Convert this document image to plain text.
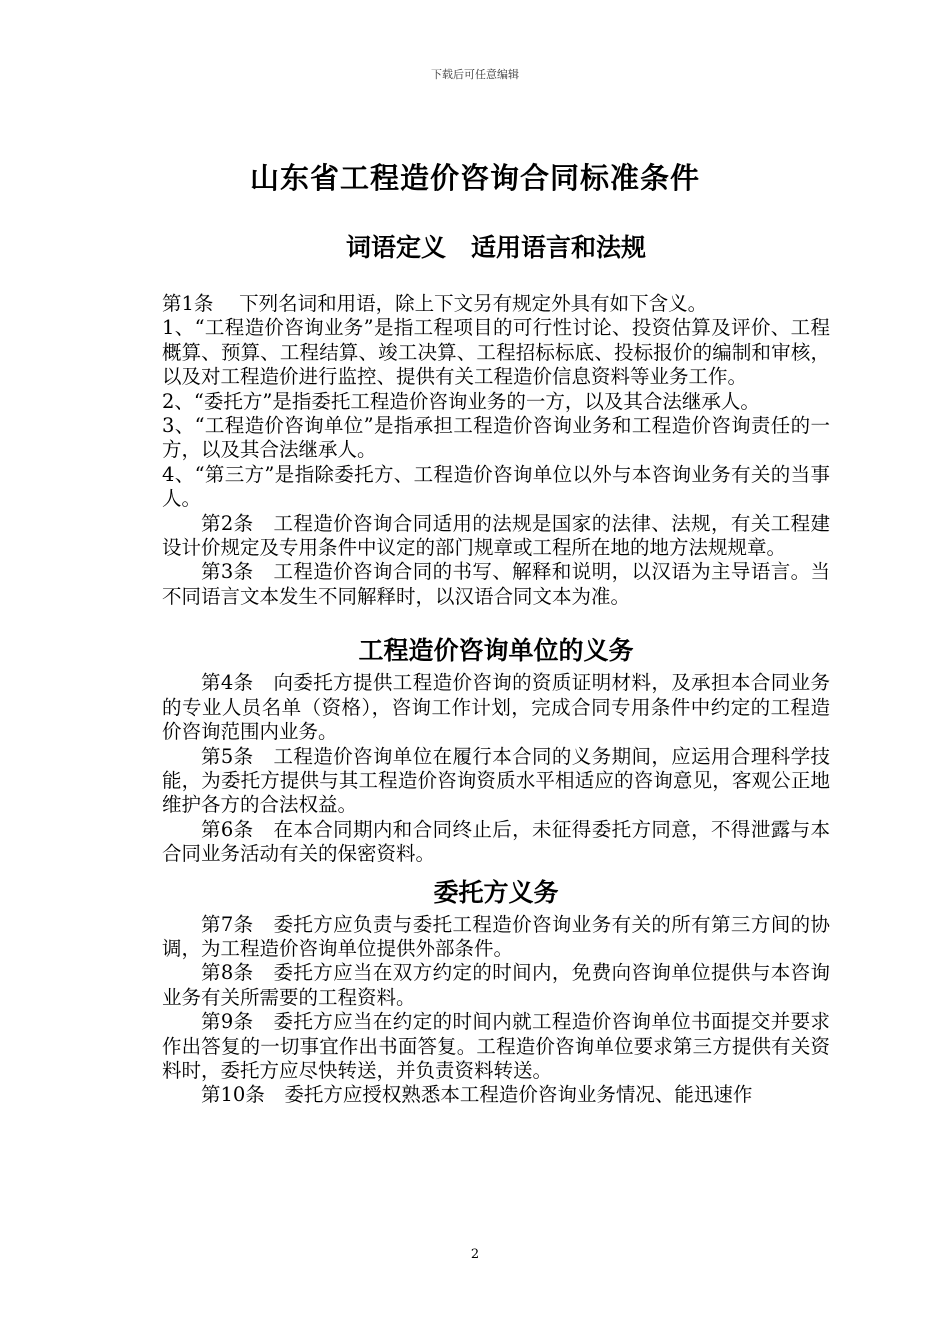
下载后可任意编辑
山东省工程造价咨询合同标准条件
词语定义　适用语言和法规
第1条　 下列名词和用语，除上下文另有规定外具有如下含义。
1、“工程造价咨询业务”是指工程项目的可行性讨论、投资估算及评价、工程概算、预算、工程结算、竣工决算、工程招标标底、投标报价的编制和审核，以及对工程造价进行监控、提供有关工程造价信息资料等业务工作。
2、“委托方”是指委托工程造价咨询业务的一方，以及其合法继承人。
3、“工程造价咨询单位”是指承担工程造价咨询业务和工程造价咨询责任的一方，以及其合法继承人。
4、“第三方”是指除委托方、工程造价咨询单位以外与本咨询业务有关的当事人。
第2条　工程造价咨询合同适用的法规是国家的法律、法规，有关工程建设计价规定及专用条件中议定的部门规章或工程所在地的地方法规规章。
第3条　工程造价咨询合同的书写、解释和说明，以汉语为主导语言。当不同语言文本发生不同解释时，以汉语合同文本为准。
工程造价咨询单位的义务
第4条　向委托方提供工程造价咨询的资质证明材料，及承担本合同业务的专业人员名单（资格），咨询工作计划，完成合同专用条件中约定的工程造价咨询范围内业务。
第5条　工程造价咨询单位在履行本合同的义务期间，应运用合理科学技能，为委托方提供与其工程造价咨询资质水平相适应的咨询意见，客观公正地维护各方的合法权益。
第6条　在本合同期内和合同终止后，未征得委托方同意，不得泄露与本合同业务活动有关的保密资料。
委托方义务
第7条　委托方应负责与委托工程造价咨询业务有关的所有第三方间的协调，为工程造价咨询单位提供外部条件。
第8条　委托方应当在双方约定的时间内，免费向咨询单位提供与本咨询业务有关所需要的工程资料。
第9条　委托方应当在约定的时间内就工程造价咨询单位书面提交并要求作出答复的一切事宜作出书面答复。工程造价咨询单位要求第三方提供有关资料时，委托方应尽快转送，并负责资料转送。
第10条　委托方应授权熟悉本工程造价咨询业务情况、能迅速作
2
